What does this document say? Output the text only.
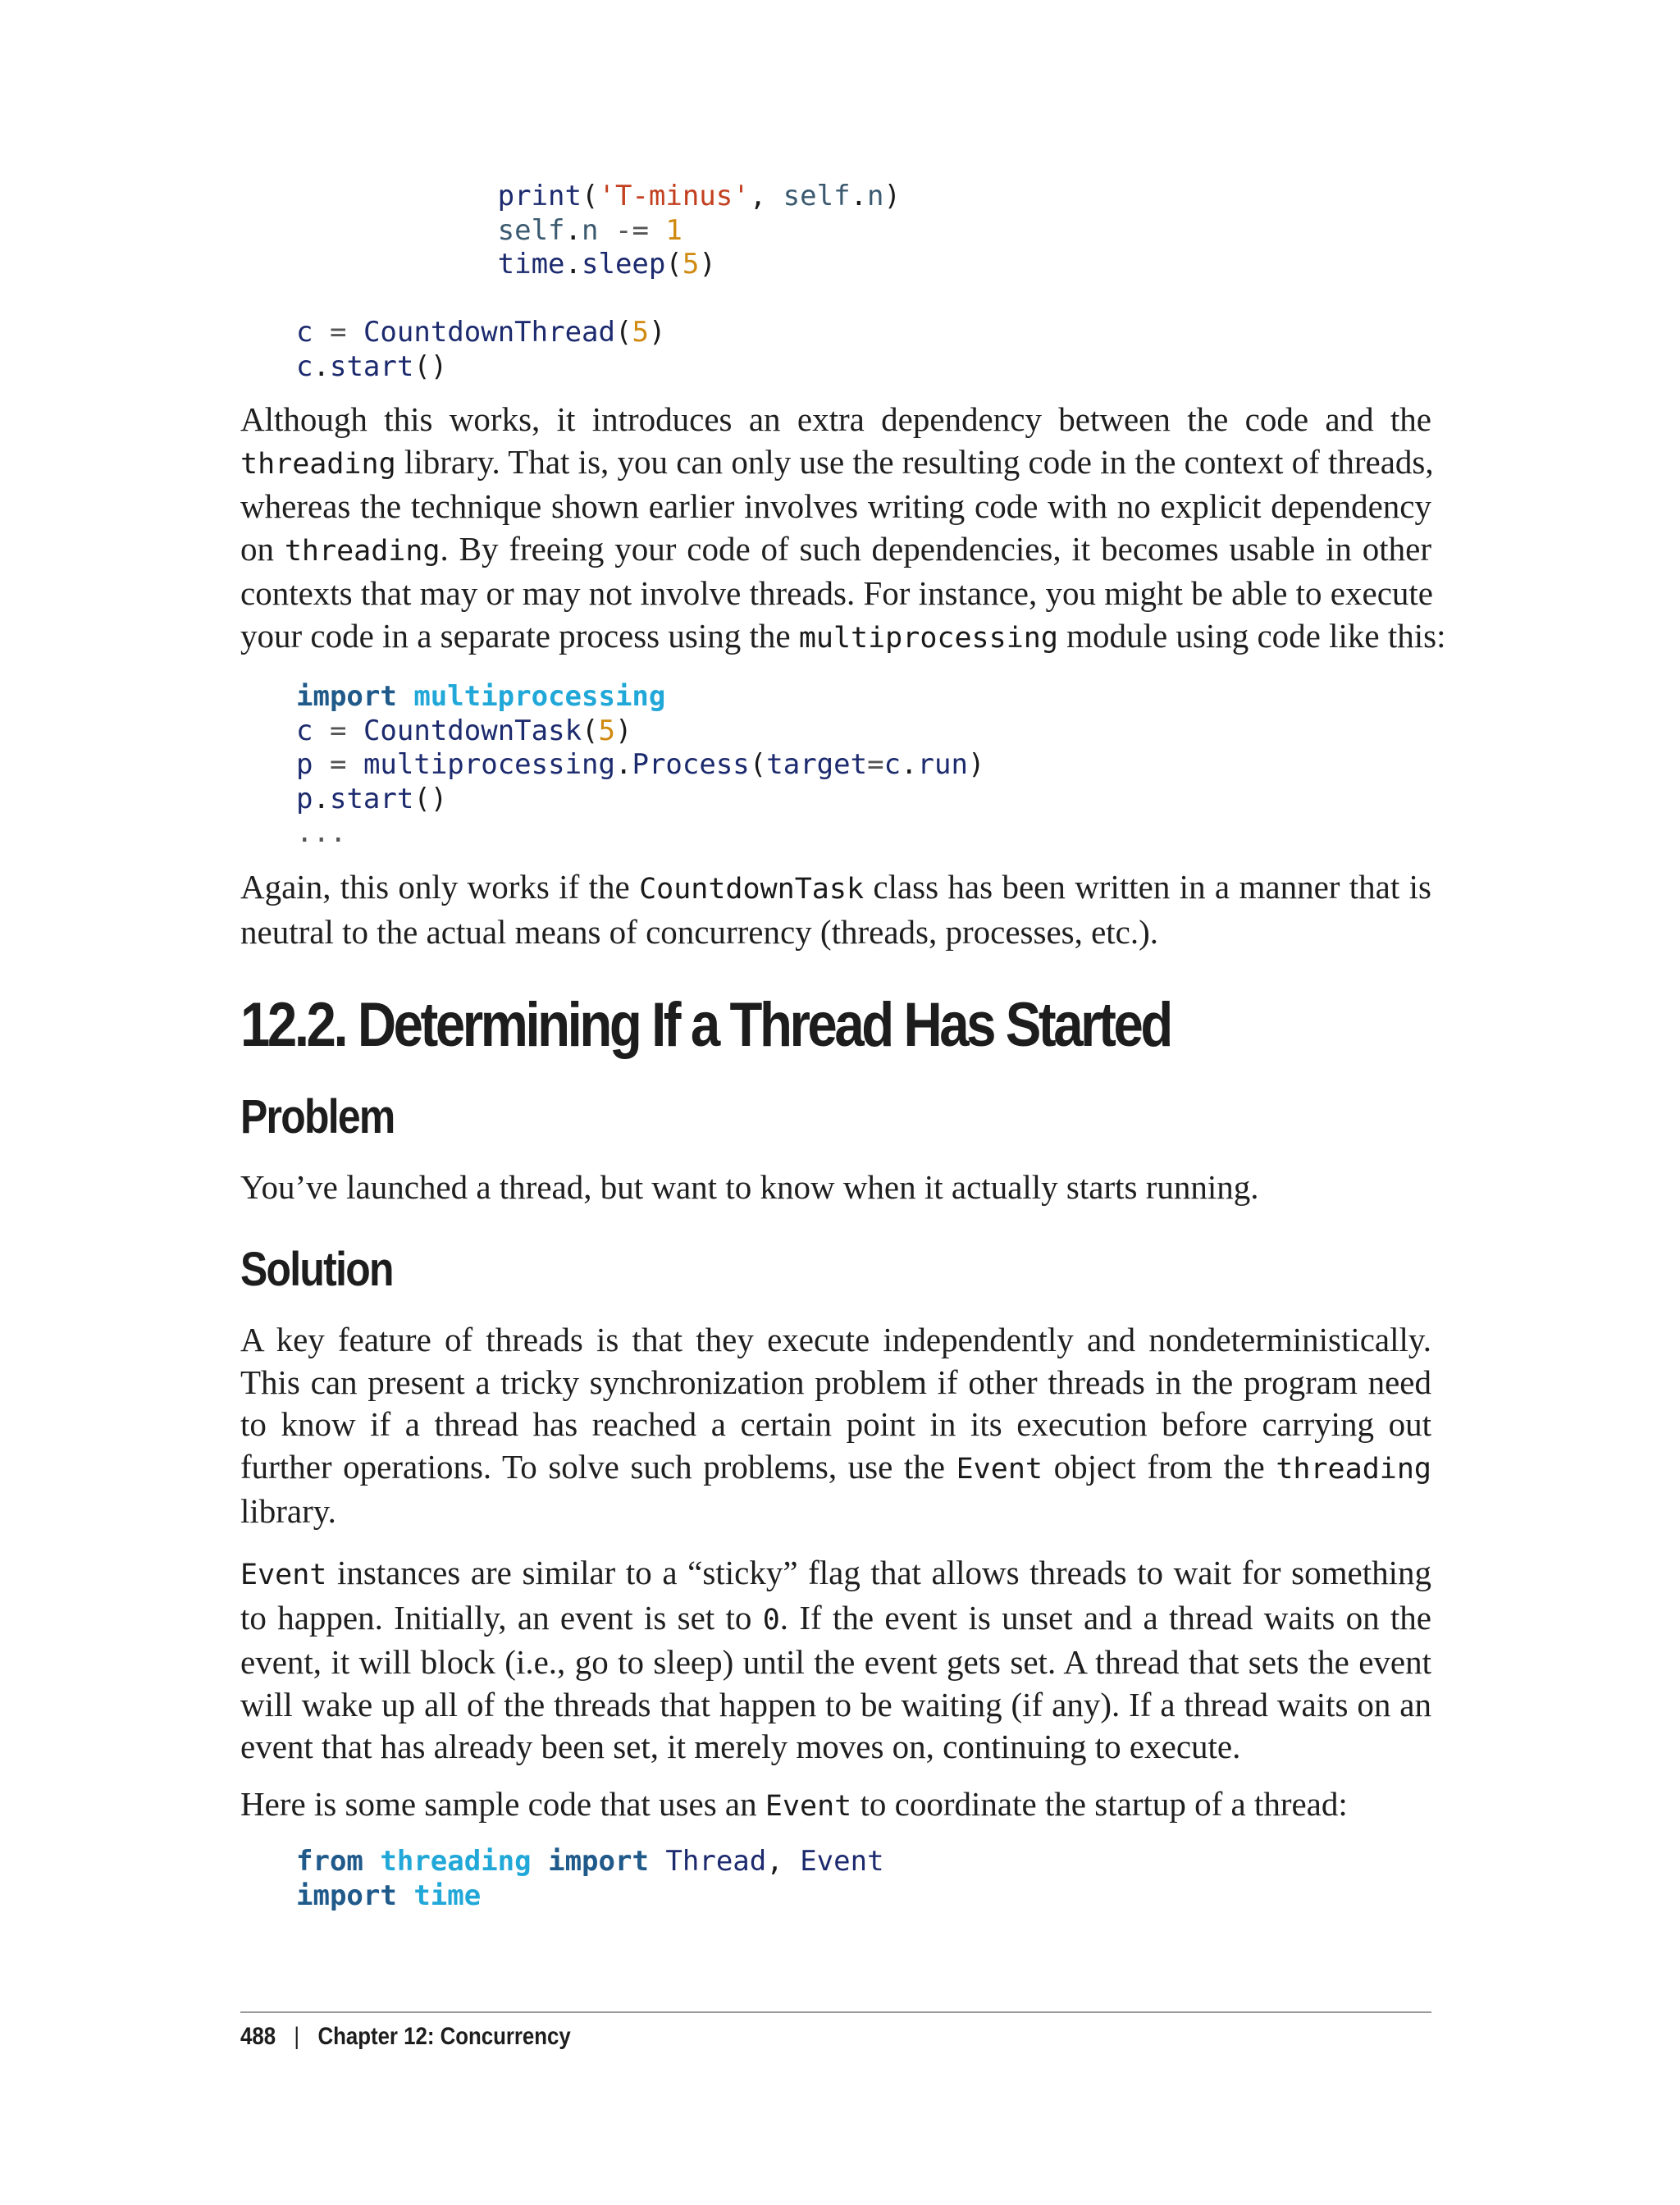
print('T-minus', self.n)
self.n -= 1
time.sleep(5)
c = CountdownThread(5)
c.start()
Although this works, it introduces an extra dependency between the code and the
threading library. That is, you can only use the resulting code in the context of threads,
whereas the technique shown earlier involves writing code with no explicit dependency
on threading. By freeing your code of such dependencies, it becomes usable in other
contexts that may or may not involve threads. For instance, you might be able to execute
your code in a separate process using the multiprocessing module using code like this:
import multiprocessing
c = CountdownTask(5)
p = multiprocessing.Process(target=c.run)
p.start()
...
Again, this only works if the CountdownTask class has been written in a manner that is
neutral to the actual means of concurrency (threads, processes, etc.).
12.2. Determining If a Thread Has Started
Problem
You’ve launched a thread, but want to know when it actually starts running.
Solution
A key feature of threads is that they execute independently and nondeterministically.
This can present a tricky synchronization problem if other threads in the program need
to know if a thread has reached a certain point in its execution before carrying out
further operations. To solve such problems, use the Event object from the threading
library.
Event instances are similar to a “sticky” flag that allows threads to wait for something
to happen. Initially, an event is set to 0. If the event is unset and a thread waits on the
event, it will block (i.e., go to sleep) until the event gets set. A thread that sets the event
will wake up all of the threads that happen to be waiting (if any). If a thread waits on an
event that has already been set, it merely moves on, continuing to execute.
Here is some sample code that uses an Event to coordinate the startup of a thread:
from threading import Thread, Event
import time
488 | Chapter 12: Concurrency
